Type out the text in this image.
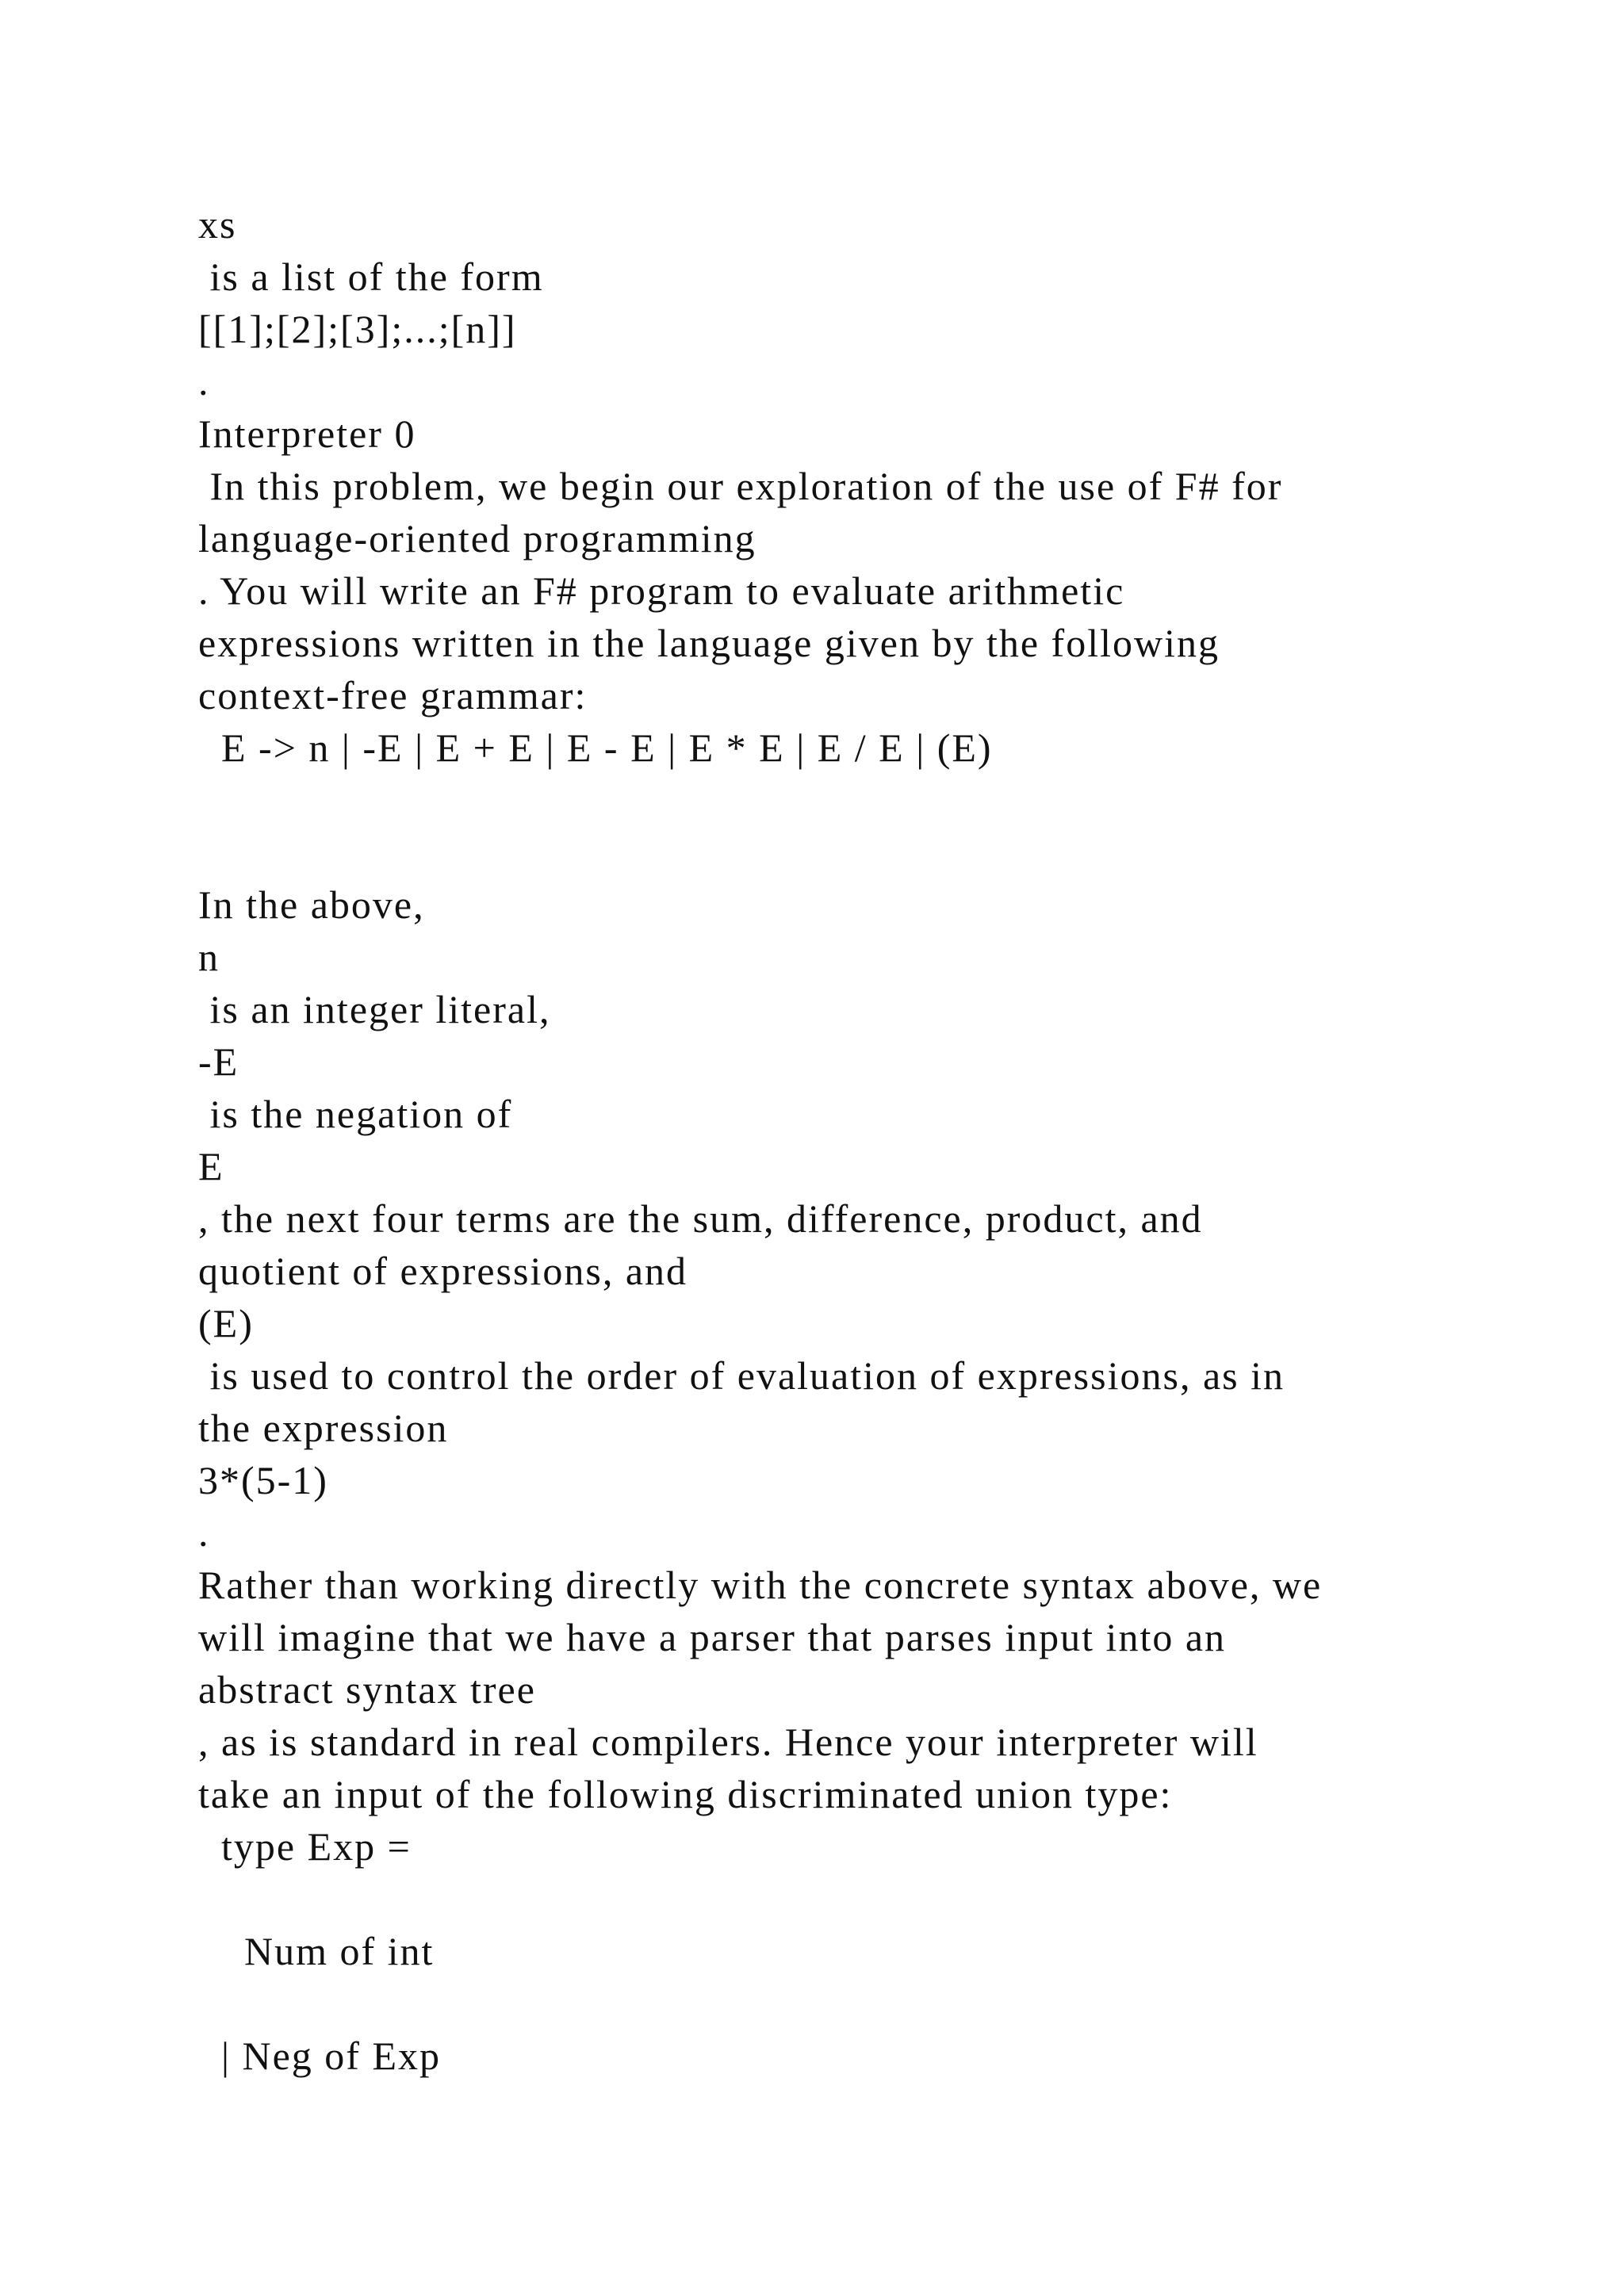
xs
is a list of the form
[[1];[2];[3];...;[n]]
.
Interpreter 0
In this problem, we begin our exploration of the use of F# for
language-oriented programming
. You will write an F# program to evaluate arithmetic
expressions written in the language given by the following
context-free grammar:
E -> n | -E | E + E | E - E | E * E | E / E | (E)
In the above,
n
is an integer literal,
-E
is the negation of
E
, the next four terms are the sum, difference, product, and
quotient of expressions, and
(E)
is used to control the order of evaluation of expressions, as in
the expression
3*(5-1)
.
Rather than working directly with the concrete syntax above, we
will imagine that we have a parser that parses input into an
abstract syntax tree
, as is standard in real compilers. Hence your interpreter will
take an input of the following discriminated union type:
type Exp =
Num of int
| Neg of Exp
